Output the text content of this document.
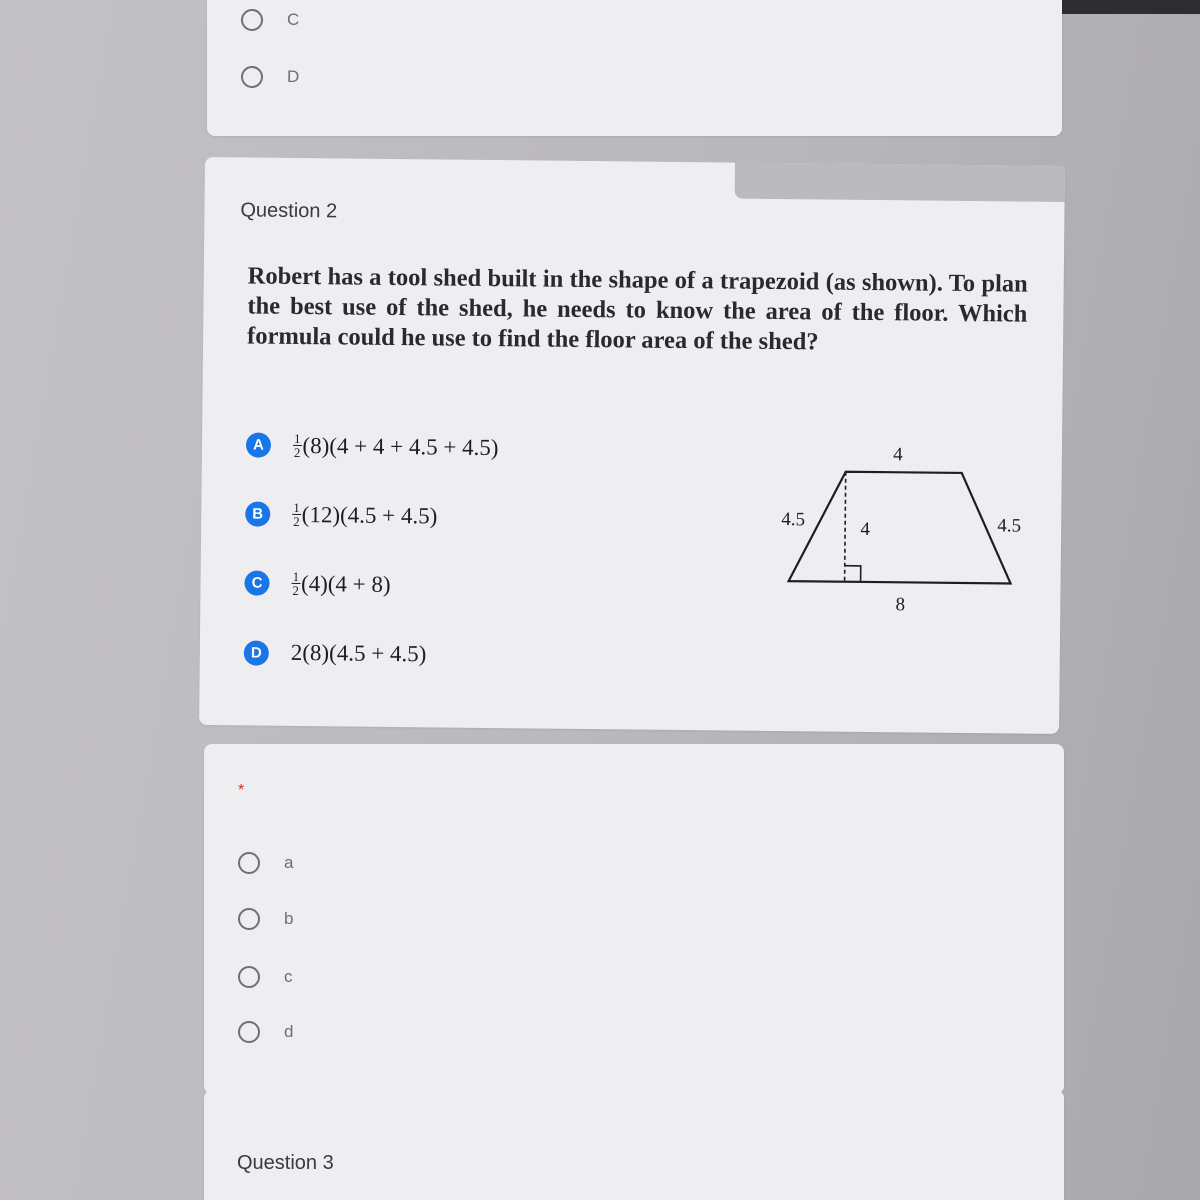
C
D
Question 2
Robert has a tool shed built in the shape of a trapezoid (as shown). To plan the best use of the shed, he needs to know the area of the floor. Which formula could he use to find the floor area of the shed?
A	$\frac{1}{2} (8)(4 + 4 + 4.5 + 4.5)$
B	$\frac{1}{2} (12)(4.5 + 4.5)$
C	$\frac{1}{2} (4)(4 + 8)$
D	2(8)(4.5 + 4.5)
4
4.5	4.5
4
8
*
a
b
c
d
Question 3
